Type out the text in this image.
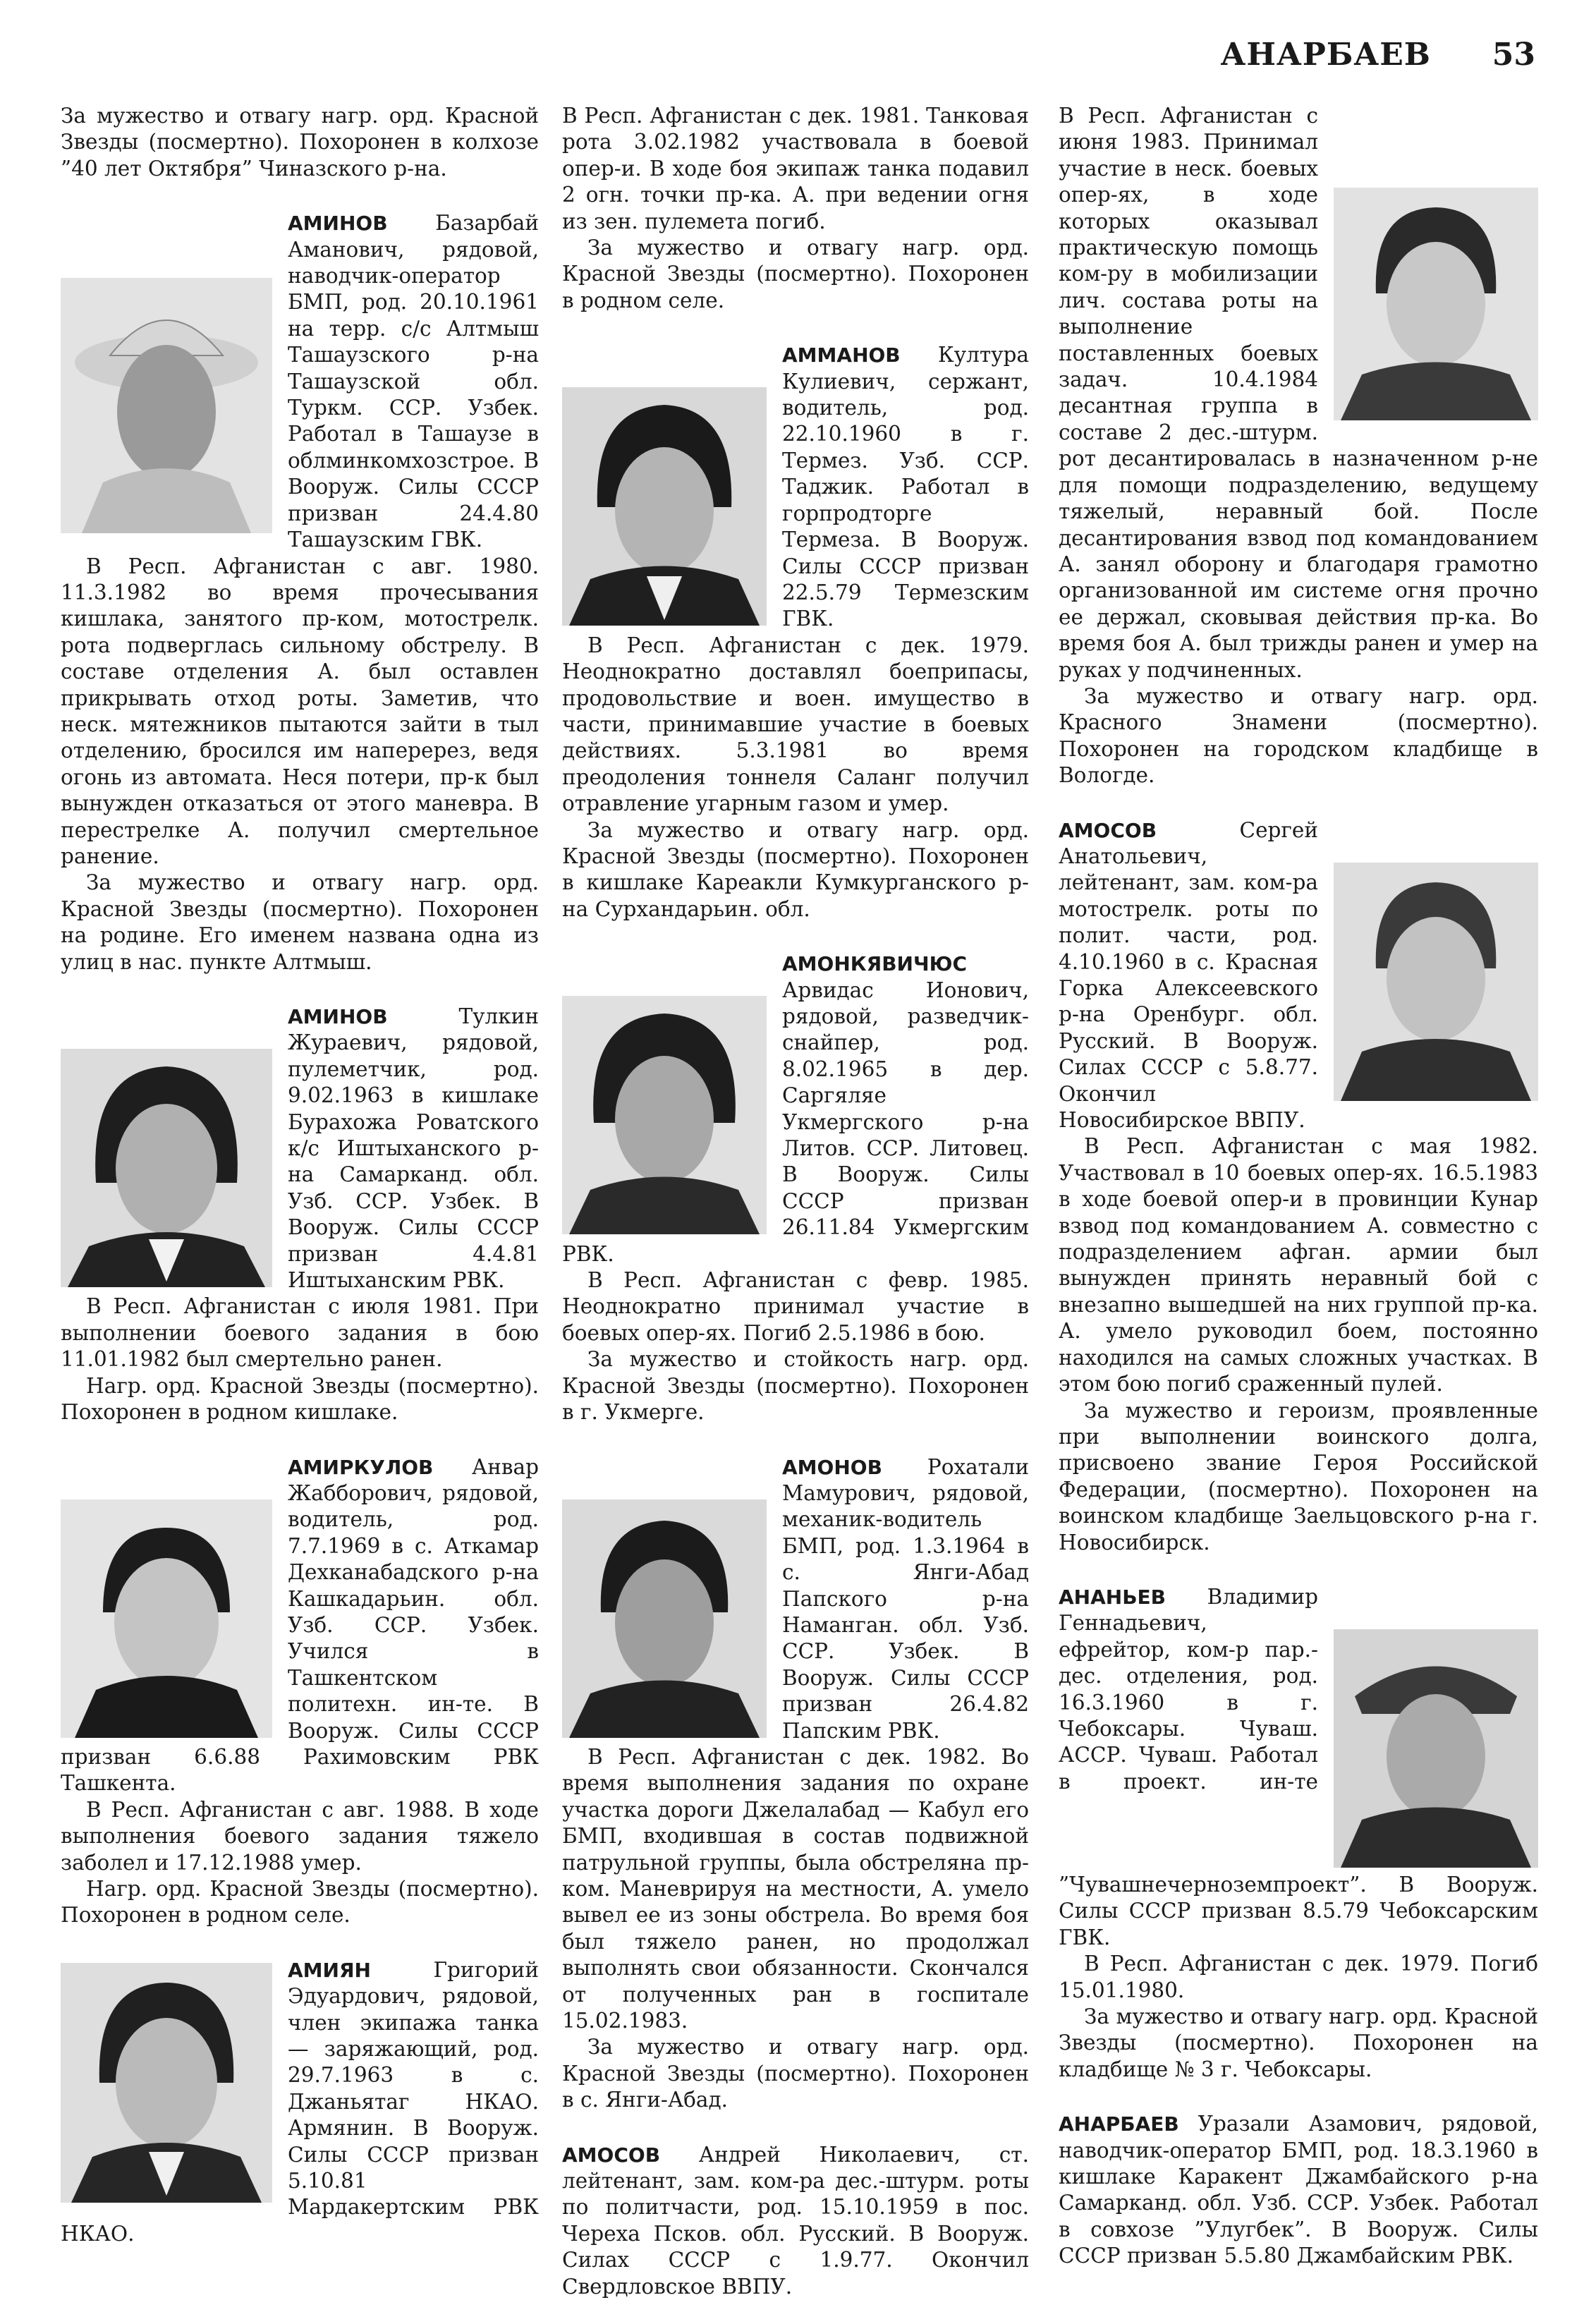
АНАРБАЕВ 53

За мужество и отвагу нагр. орд. Красной Звезды (посмертно). Похоронен в колхозе ”40 лет Октября” Чиназского р-на.

АМИНОВ Базарбай Аманович, рядовой, наводчик-оператор БМП, род. 20.10.1961 на терр. с/с Алтмыш Ташаузского р-на Ташаузской обл. Туркм. ССР. Узбек. Работал в Ташаузе в облминкомхозстрое. В Вооруж. Силы СССР призван 24.4.80 Ташаузским ГВК.

В Респ. Афганистан с авг. 1980. 11.3.1982 во время прочесывания кишлака, занятого пр-ком, мотострелк. рота подверглась сильному обстрелу. В составе отделения А. был оставлен прикрывать отход роты. Заметив, что неск. мятежников пытаются зайти в тыл отделению, бросился им наперерез, ведя огонь из автомата. Неся потери, пр-к был вынужден отказаться от этого маневра. В перестрелке А. получил смертельное ранение.

За мужество и отвагу нагр. орд. Красной Звезды (посмертно). Похоронен на родине. Его именем названа одна из улиц в нас. пункте Алтмыш.

АМИНОВ	Тулкин Жураевич, рядовой, пулеметчик, род. 9.02.1963 в кишлаке Бурахожа Роватского к/с Иштыханского р-на Самарканд. обл. Узб. ССР. Узбек. В Вооруж. Силы СССР призван 4.4.81 Иштыханским РВК.

В Респ. Афганистан с июля 1981. При выполнении боевого задания в бою 11.01.1982 был смертельно ранен.

Нагр. орд. Красной Звезды (посмертно). Похоронен в родном кишлаке.

АМИРКУЛОВ Анвар Жабборович, рядовой, водитель, род. 7.7.1969 в с. Аткамар Дехканабадского р-на Кашкадарьин. обл. Узб. ССР. Узбек. Учился в Ташкентском политехн. ин-те. В Вооруж. Силы СССР призван 6.6.88 Рахимовским РВК Ташкента.

В Респ. Афганистан с авг. 1988. В ходе выполнения боевого задания тяжело заболел и 17.12.1988 умер.

Нагр. орд. Красной Звезды (посмертно). Похоронен в родном селе.

АМИЯН	Григорий Эдуардович, рядовой, член экипажа танка — заряжающий, род. 29.7.1963 в с. Джаньятаг НКАО. Армянин. В Вооруж. Силы СССР призван 5.10.81 Мардакертским РВК НКАО.

В Респ. Афганистан с дек. 1981. Танковая рота 3.02.1982 участвовала в боевой опер-и. В ходе боя экипаж танка подавил 2 огн. точки пр-ка. А. при ведении огня из зен. пулемета погиб.

За мужество и отвагу нагр. орд. Красной Звезды (посмертно). Похоронен в родном селе.

АММАНОВ Култура Кулиевич, сержант, водитель, род. 22.10.1960 в г. Термез. Узб. ССР. Таджик. Работал в горпродторге Термеза. В Вооруж. Силы СССР призван 22.5.79 Термезским ГВК.

В Респ. Афганистан с дек. 1979. Неоднократно доставлял боеприпасы, продовольствие и воен. имущество в части, принимавшие участие в боевых действиях. 5.3.1981 во время преодоления тоннеля Саланг получил отравление угарным газом и умер.

За мужество и отвагу нагр. орд. Красной Звезды (посмертно). Похоронен в кишлаке Кареакли Кумкурганского р-на Сурхандарьин. обл.

АМОНКЯВИЧЮС Арвидас Ионович, рядовой, разведчик-снайпер, род. 8.02.1965 в дер. Саргяляе Укмергского р-на Литов. ССР. Литовец. В Вооруж. Силы СССР призван 26.11.84 Укмергским РВК.

В Респ. Афганистан с февр. 1985. Неоднократно принимал участие в боевых опер-ях. Погиб 2.5.1986 в бою.

За мужество и стойкость нагр. орд. Красной Звезды (посмертно). Похоронен в г. Укмерге.

АМОНОВ Рохатали Мамурович, рядовой, механик-водитель БМП, род. 1.3.1964 в с. Янги-Абад Папского р-на Наманган. обл. Узб. ССР. Узбек. В Вооруж. Силы СССР призван 26.4.82 Папским РВК.

В Респ. Афганистан с дек. 1982. Во время выполнения задания по охране участка дороги Джелалабад — Кабул его БМП, входившая в состав подвижной патрульной группы, была обстреляна пр-ком. Маневрируя на местности, А. умело вывел ее из зоны обстрела. Во время боя был тяжело ранен, но продолжал выполнять свои обязанности. Скончался от полученных ран в госпитале 15.02.1983.

За мужество и отвагу нагр. орд. Красной Звезды (посмертно). Похоронен в с. Янги-Абад.

АМОСОВ Андрей Николаевич, ст. лейтенант, зам. ком-ра дес.-штурм. роты по политчасти, род. 15.10.1959 в пос. Череха Псков. обл. Русский. В Вооруж. Силах СССР с 1.9.77. Окончил Свердловское ВВПУ.

В Респ. Афганистан с июня 1983. Принимал участие в неск. боевых опер-ях, в ходе которых оказывал практическую помощь ком-ру в мобилизации лич. состава роты на выполнение поставленных боевых задач. 10.4.1984 десантная группа в составе 2 дес.-штурм. рот десантировалась в назначенном р-не для помощи подразделению, ведущему тяжелый, неравный бой. После десантирования взвод под командованием А. занял оборону и благодаря грамотно организованной им системе огня прочно ее держал, сковывая действия пр-ка. Во время боя А. был трижды ранен и умер на руках у подчиненных.

За мужество и отвагу нагр. орд. Красного Знамени (посмертно). Похоронен на городском кладбище в Вологде.

АМОСОВ	Сергей Анатольевич, лейтенант, зам. ком-ра мотострелк. роты по полит. части, род. 4.10.1960 в с. Красная Горка Алексеевского р-на Оренбург. обл. Русский. В Вооруж. Силах СССР с 5.8.77. Окончил Новосибирское ВВПУ.

В Респ. Афганистан с мая 1982. Участвовал в 10 боевых опер-ях. 16.5.1983 в ходе боевой опер-и в провинции Кунар взвод под командованием А. совместно с подразделением афган. армии был вынужден принять неравный бой с внезапно вышедшей на них группой пр-ка. А. умело руководил боем, постоянно находился на самых сложных участках. В этом бою погиб сраженный пулей.

За мужество и героизм, проявленные при выполнении воинского долга, присвоено звание Героя Российской Федерации, (посмертно). Похоронен на воинском кладбище Заельцовского р-на г. Новосибирск.

АНАНЬЕВ Владимир Геннадьевич, ефрейтор, ком-р пар.-дес. отделения, род. 16.3.1960 в г. Чебоксары. Чуваш. АССР. Чуваш. Работал в проект. ин-те ”Чувашнечерноземпроект”. В Вооруж. Силы СССР призван 8.5.79 Чебоксарским ГВК.

В Респ. Афганистан с дек. 1979. Погиб 15.01.1980.

За мужество и отвагу нагр. орд. Красной Звезды (посмертно). Похоронен на кладбище № 3 г. Чебоксары.

АНАРБАЕВ Уразали Азамович, рядовой, наводчик-оператор БМП, род. 18.3.1960 в кишлаке Каракент Джамбайского р-на Самарканд. обл. Узб. ССР. Узбек. Работал в совхозе ”Улугбек”. В Вооруж. Силы СССР призван 5.5.80 Джамбайским РВК.
